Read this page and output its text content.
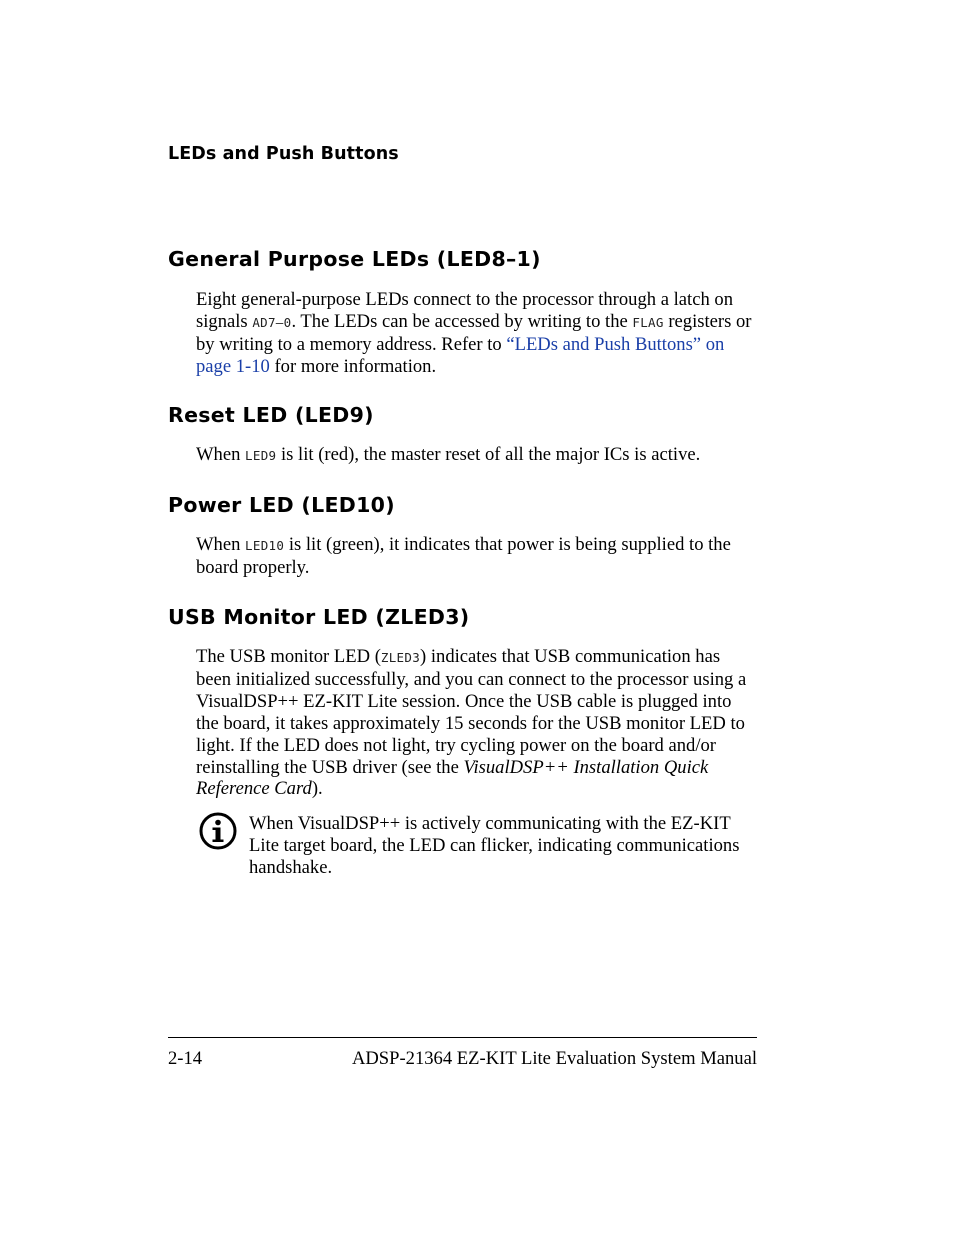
LEDs and Push Buttons
General Purpose LEDs (LED8–1)

Eight general-purpose LEDs connect to the processor through a latch on signals AD7–0. The LEDs can be accessed by writing to the FLAG registers or by writing to a memory address. Refer to “LEDs and Push Buttons” on page 1-10 for more information.

Reset LED (LED9)

When LED9 is lit (red), the master reset of all the major ICs is active.

Power LED (LED10)

When LED10 is lit (green), it indicates that power is being supplied to the board properly.

USB Monitor LED (ZLED3)

The USB monitor LED (ZLED3) indicates that USB communication has been initialized successfully, and you can connect to the processor using a VisualDSP++ EZ-KIT Lite session. Once the USB cable is plugged into the board, it takes approximately 15 seconds for the USB monitor LED to light. If the LED does not light, try cycling power on the board and/or reinstalling the USB driver (see the VisualDSP++ Installation Quick Reference Card).

When VisualDSP++ is actively communicating with the EZ-KIT Lite target board, the LED can flicker, indicating communications handshake.

2-14	ADSP-21364 EZ-KIT Lite Evaluation System Manual
